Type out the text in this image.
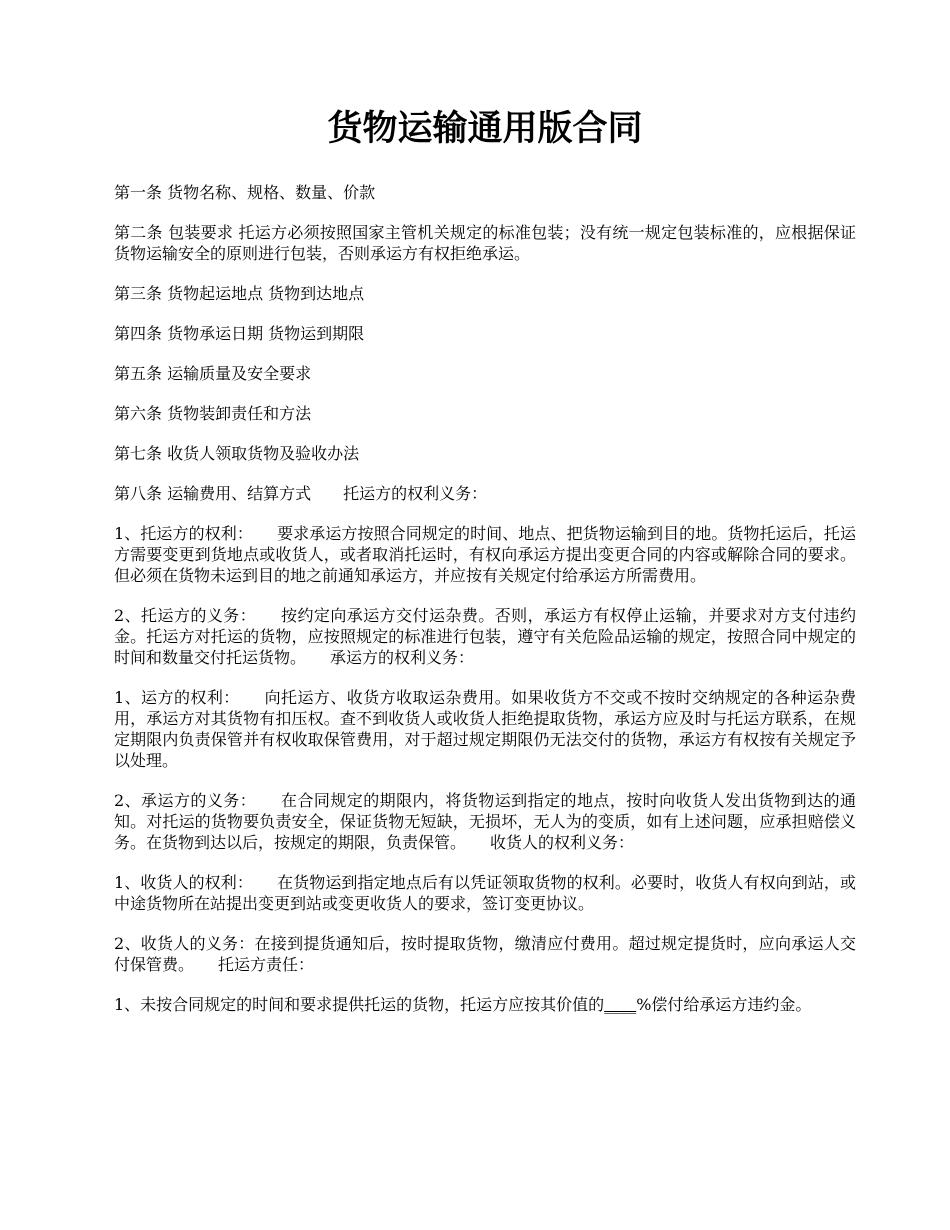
货物运输通用版合同

第一条 货物名称、规格、数量、价款

第二条 包装要求 托运方必须按照国家主管机关规定的标准包装；没有统一规定包装标准的，应根据保证货物运输安全的原则进行包装，否则承运方有权拒绝承运。

第三条 货物起运地点 货物到达地点

第四条 货物承运日期 货物运到期限

第五条 运输质量及安全要求

第六条 货物装卸责任和方法

第七条 收货人领取货物及验收办法

第八条 运输费用、结算方式　　托运方的权利义务：

1、托运方的权利：　　要求承运方按照合同规定的时间、地点、把货物运输到目的地。货物托运后，托运方需要变更到货地点或收货人，或者取消托运时，有权向承运方提出变更合同的内容或解除合同的要求。但必须在货物未运到目的地之前通知承运方，并应按有关规定付给承运方所需费用。

2、托运方的义务：　　按约定向承运方交付运杂费。否则，承运方有权停止运输，并要求对方支付违约金。托运方对托运的货物，应按照规定的标准进行包装，遵守有关危险品运输的规定，按照合同中规定的时间和数量交付托运货物。　　承运方的权利义务：

1、运方的权利：　　向托运方、收货方收取运杂费用。如果收货方不交或不按时交纳规定的各种运杂费用，承运方对其货物有扣压权。查不到收货人或收货人拒绝提取货物，承运方应及时与托运方联系，在规定期限内负责保管并有权收取保管费用，对于超过规定期限仍无法交付的货物，承运方有权按有关规定予以处理。

2、承运方的义务：　　在合同规定的期限内，将货物运到指定的地点，按时向收货人发出货物到达的通知。对托运的货物要负责安全，保证货物无短缺，无损坏，无人为的变质，如有上述问题，应承担赔偿义务。在货物到达以后，按规定的期限，负责保管。　　收货人的权利义务：

1、收货人的权利：　　在货物运到指定地点后有以凭证领取货物的权利。必要时，收货人有权向到站，或中途货物所在站提出变更到站或变更收货人的要求，签订变更协议。

2、收货人的义务：在接到提货通知后，按时提取货物，缴清应付费用。超过规定提货时，应向承运人交付保管费。　　托运方责任：

1、未按合同规定的时间和要求提供托运的货物，托运方应按其价值的____%偿付给承运方违约金。
